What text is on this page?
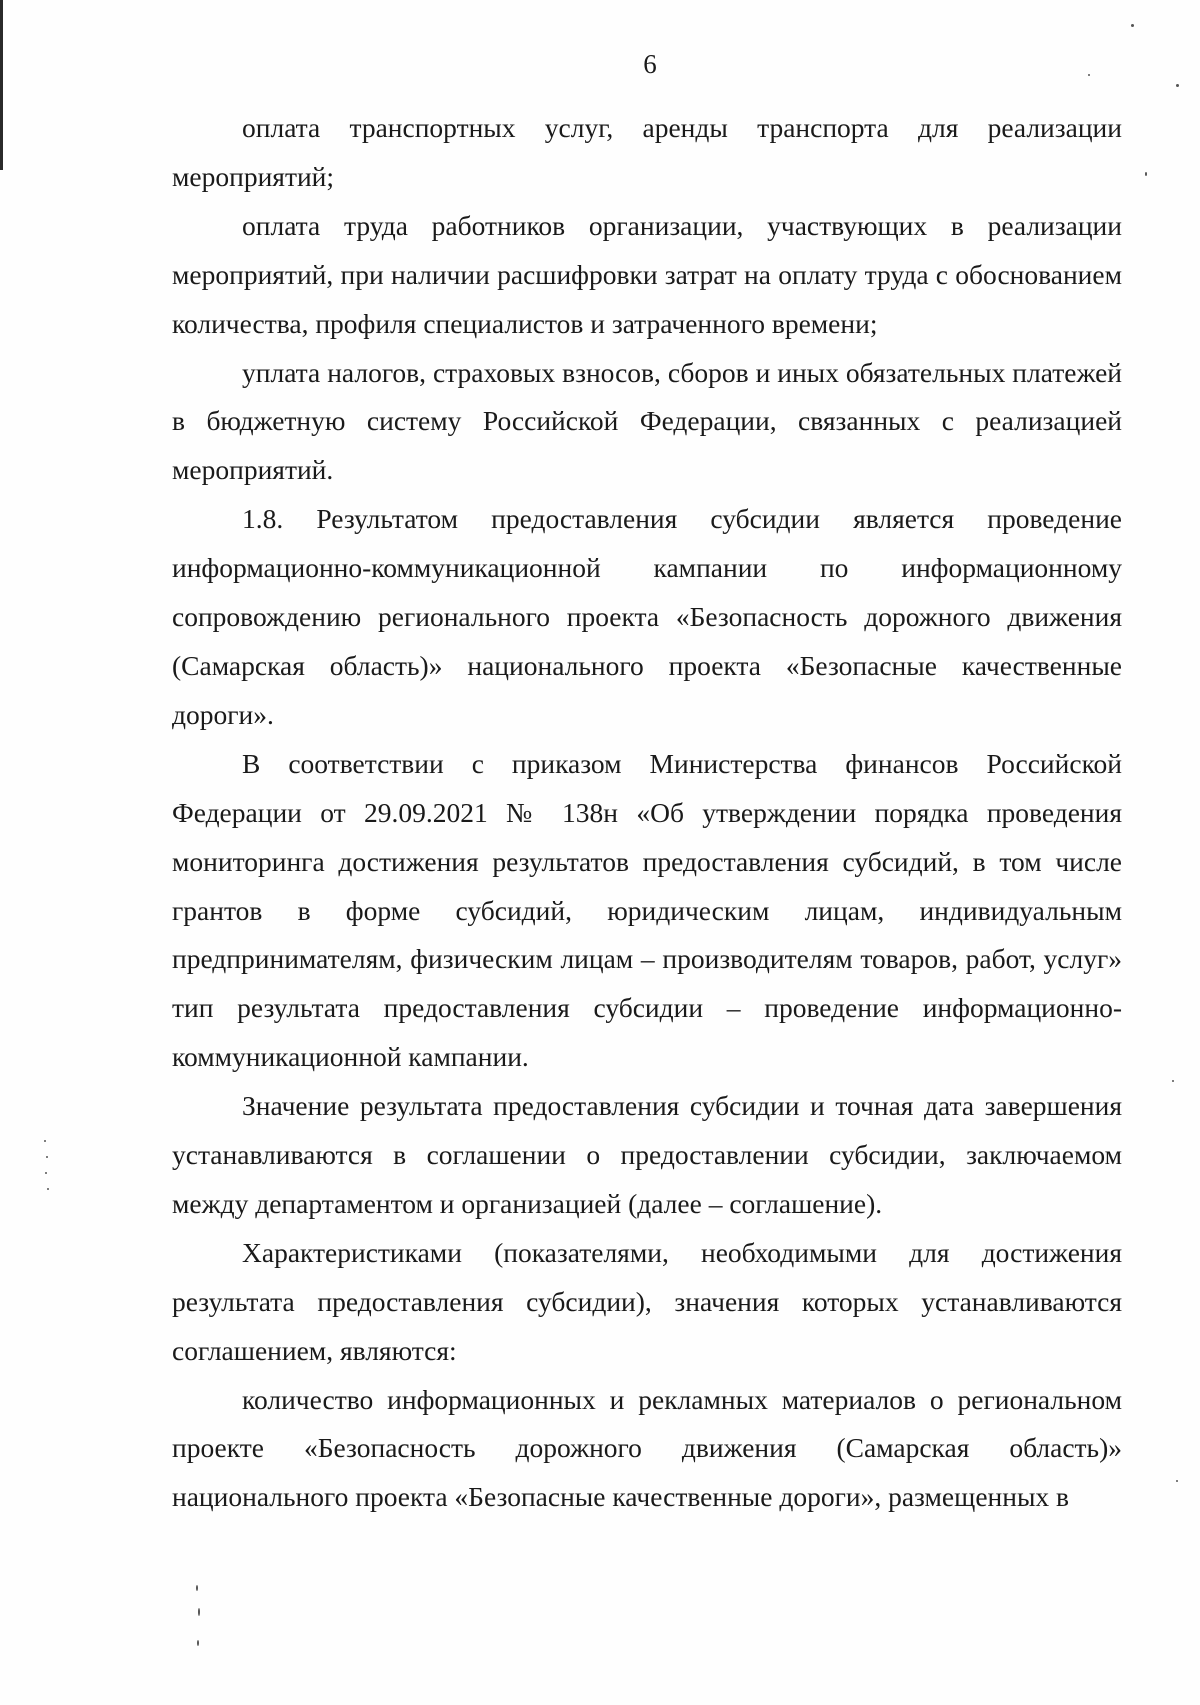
6

оплата транспортных услуг, аренды транспорта для реализации мероприятий;

оплата труда работников организации, участвующих в реализации мероприятий, при наличии расшифровки затрат на оплату труда с обоснованием количества, профиля специалистов и затраченного времени;

уплата налогов, страховых взносов, сборов и иных обязательных платежей в бюджетную систему Российской Федерации, связанных с реализацией мероприятий.

1.8. Результатом предоставления субсидии является проведение информационно-коммуникационной кампании по информационному сопровождению регионального проекта «Безопасность дорожного движения (Самарская область)» национального проекта «Безопасные качественные дороги».

В соответствии с приказом Министерства финансов Российской Федерации от 29.09.2021 № 138н «Об утверждении порядка проведения мониторинга достижения результатов предоставления субсидий, в том числе грантов в форме субсидий, юридическим лицам, индивидуальным предпринимателям, физическим лицам – производителям товаров, работ, услуг» тип результата предоставления субсидии – проведение информационно-коммуникационной кампании.

Значение результата предоставления субсидии и точная дата завершения устанавливаются в соглашении о предоставлении субсидии, заключаемом между департаментом и организацией (далее – соглашение).

Характеристиками (показателями, необходимыми для достижения результата предоставления субсидии), значения которых устанавливаются соглашением, являются:

количество информационных и рекламных материалов о региональном проекте «Безопасность дорожного движения (Самарская область)» национального проекта «Безопасные качественные дороги», размещенных в
